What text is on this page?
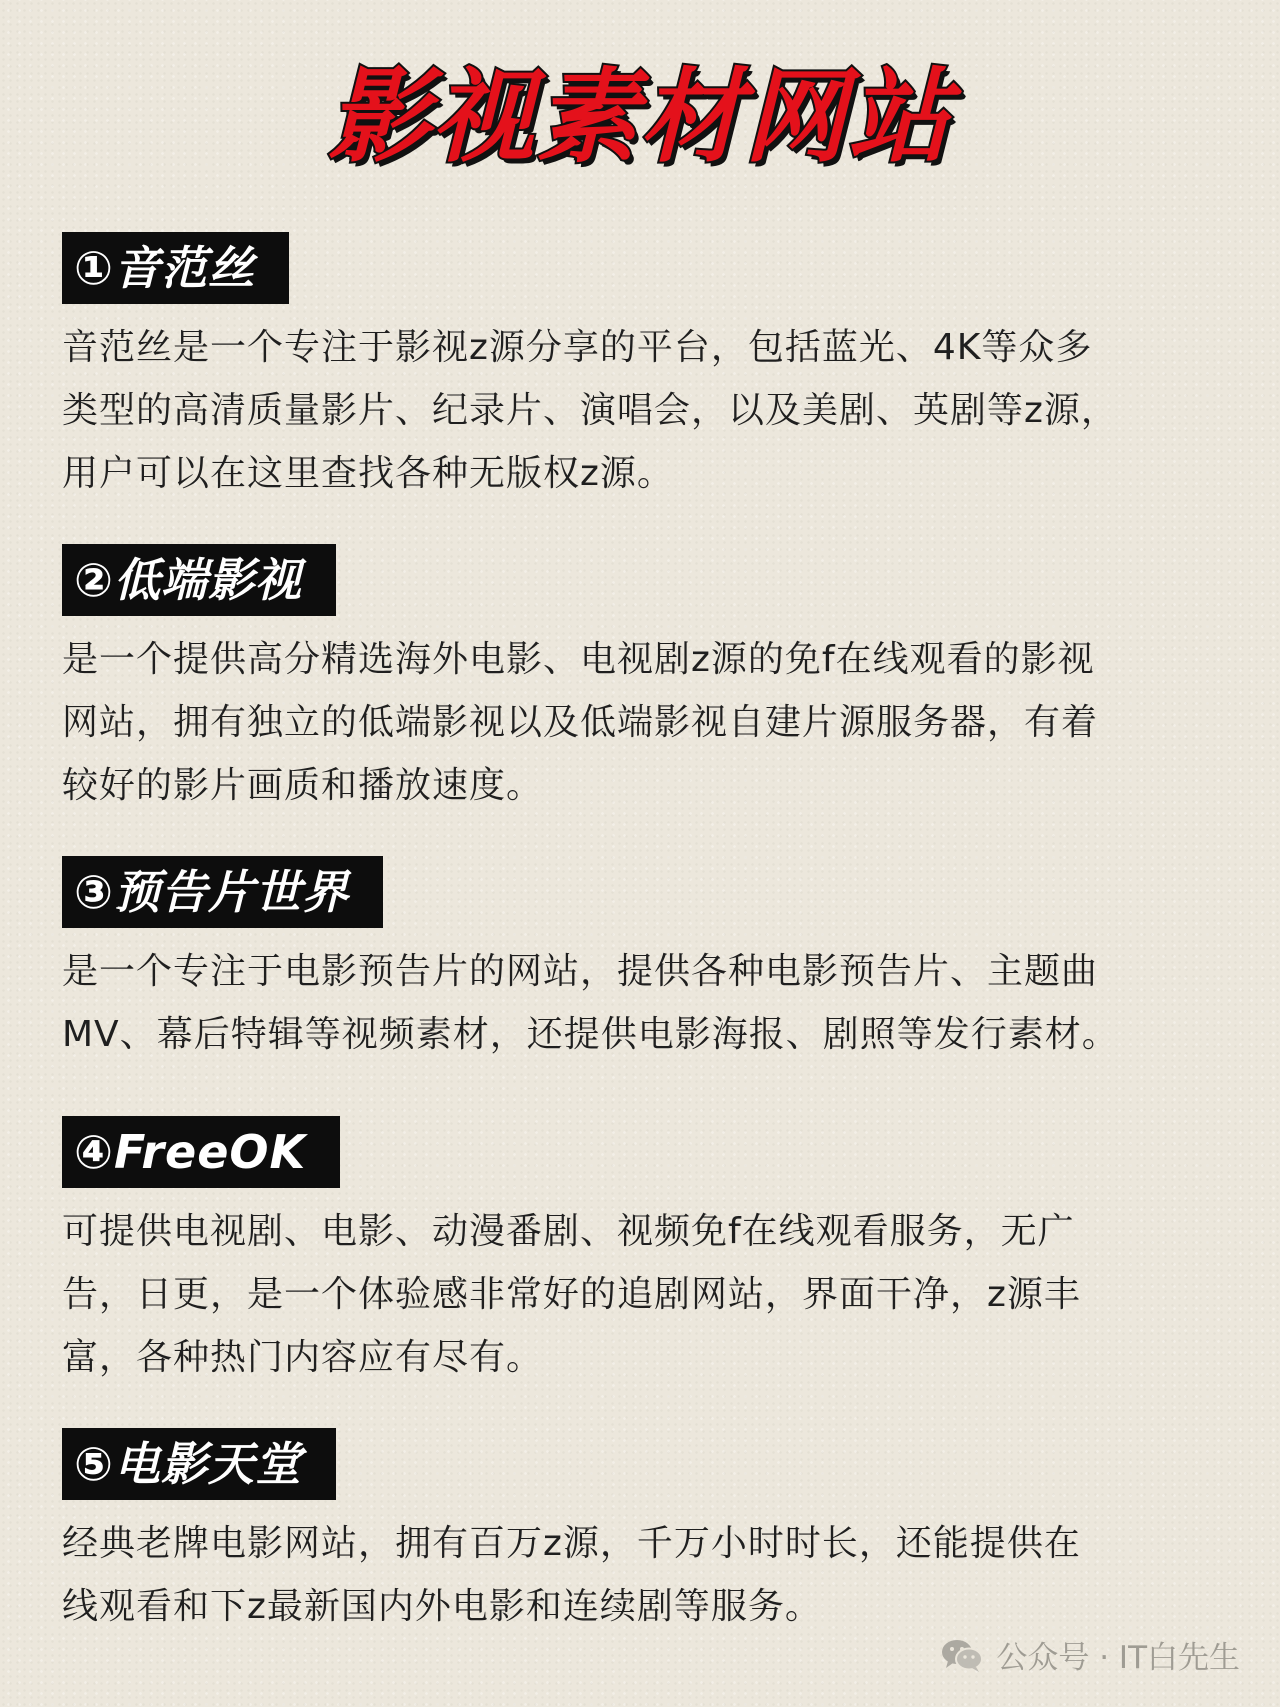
影视素材网站
①音范丝
音范丝是一个专注于影视z源分享的平台，包括蓝光、4K等众多
类型的高清质量影片、纪录片、演唱会，以及美剧、英剧等z源，
用户可以在这里查找各种无版权z源。
②低端影视
是一个提供高分精选海外电影、电视剧z源的免f在线观看的影视
网站，拥有独立的低端影视以及低端影视自建片源服务器，有着
较好的影片画质和播放速度。
③预告片世界
是一个专注于电影预告片的网站，提供各种电影预告片、主题曲
MV、幕后特辑等视频素材，还提供电影海报、剧照等发行素材。
④FreeOK
可提供电视剧、电影、动漫番剧、视频免f在线观看服务，无广
告，日更，是一个体验感非常好的追剧网站，界面干净，z源丰
富，各种热门内容应有尽有。
⑤电影天堂
经典老牌电影网站，拥有百万z源，千万小时时长，还能提供在
线观看和下z最新国内外电影和连续剧等服务。
公众号 · IT白先生
